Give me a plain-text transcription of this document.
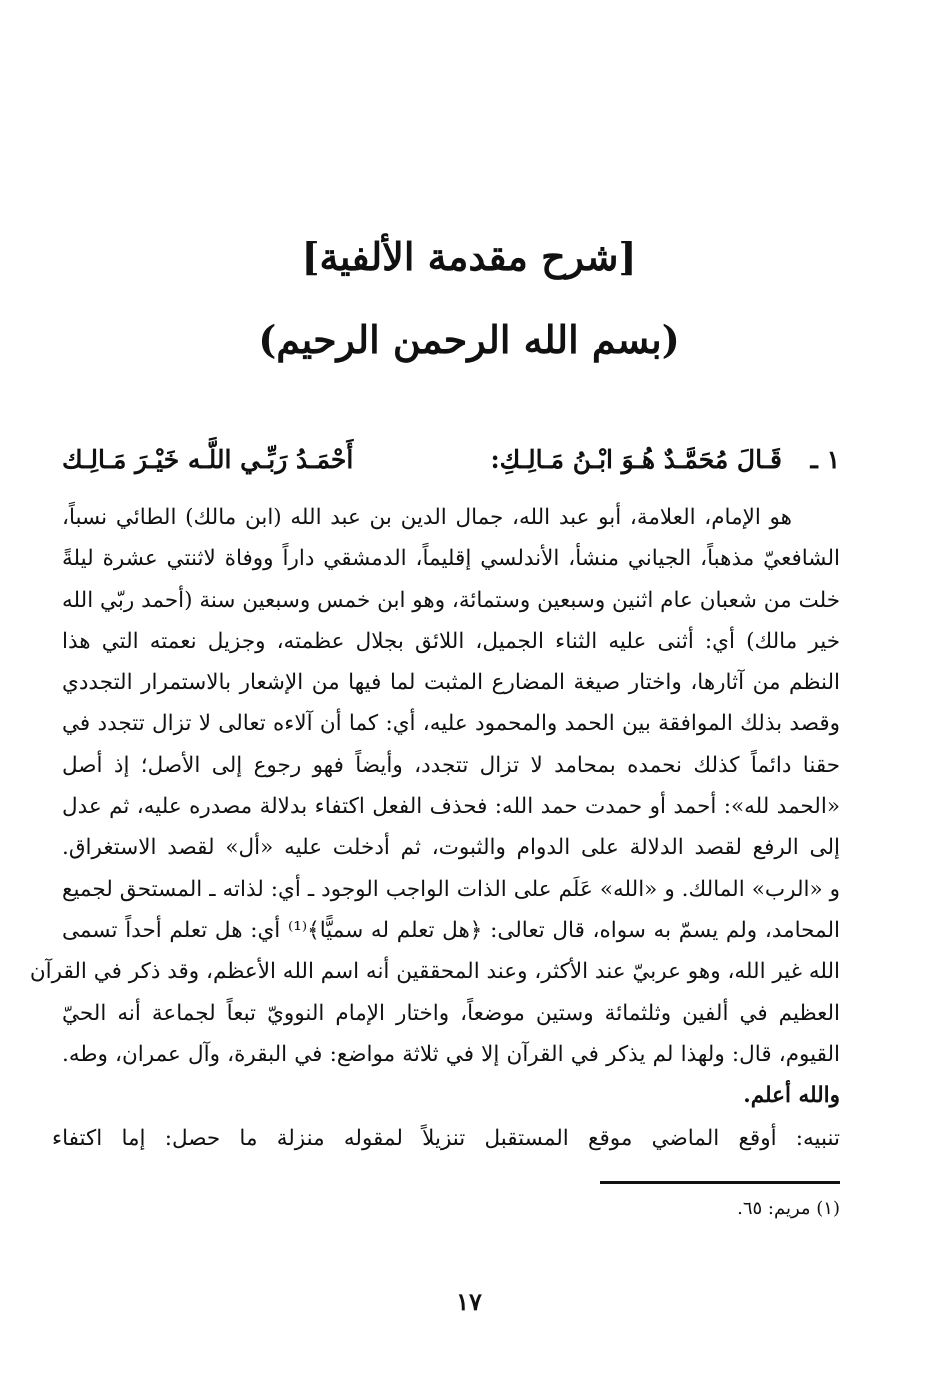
[شرح مقدمة الألفية]
(بسم الله الرحمن الرحيم)
١ ـ
قَـالَ مُحَمَّـدٌ هُـوَ ابْـنُ مَـالِـكِ:
أَحْمَـدُ رَبِّـي اللَّـه خَيْـرَ مَـالِـك
هو الإمام، العلامة، أبو عبد الله، جمال الدين بن عبد الله (ابن مالك) الطائي نسباً،
الشافعيّ مذهباً، الجياني منشأ، الأندلسي إقليماً، الدمشقي داراً ووفاة لاثنتي عشرة ليلةً
خلت من شعبان عام اثنين وسبعين وستمائة، وهو ابن خمس وسبعين سنة (أحمد ربّي الله
خير مالك) أي: أثنى عليه الثناء الجميل، اللائق بجلال عظمته، وجزيل نعمته التي هذا
النظم من آثارها، واختار صيغة المضارع المثبت لما فيها من الإشعار بالاستمرار التجددي
وقصد بذلك الموافقة بين الحمد والمحمود عليه، أي: كما أن آلاءه تعالى لا تزال تتجدد في
حقنا دائماً كذلك نحمده بمحامد لا تزال تتجدد، وأيضاً فهو رجوع إلى الأصل؛ إذ أصل
«الحمد لله»: أحمد أو حمدت حمد الله: فحذف الفعل اكتفاء بدلالة مصدره عليه، ثم عدل
إلى الرفع لقصد الدلالة على الدوام والثبوت، ثم أدخلت عليه «أل» لقصد الاستغراق.
و «الرب» المالك. و «الله» عَلَم على الذات الواجب الوجود ـ أي: لذاته ـ المستحق لجميع
المحامد، ولم يسمّ به سواه، قال تعالى: ﴿هل تعلم له سميًّا﴾⁽¹⁾ أي: هل تعلم أحداً تسمى
الله غير الله، وهو عربيّ عند الأكثر، وعند المحققين أنه اسم الله الأعظم، وقد ذكر في القرآن
العظيم في ألفين وثلثمائة وستين موضعاً، واختار الإمام النوويّ تبعاً لجماعة أنه الحيّ
القيوم، قال: ولهذا لم يذكر في القرآن إلا في ثلاثة مواضع: في البقرة، وآل عمران، وطه.
والله أعلم.
تنبيه: أوقع الماضي موقع المستقبل تنزيلاً لمقوله منزلة ما حصل: إما اكتفاء
(١) مريم: ٦٥.
١٧
